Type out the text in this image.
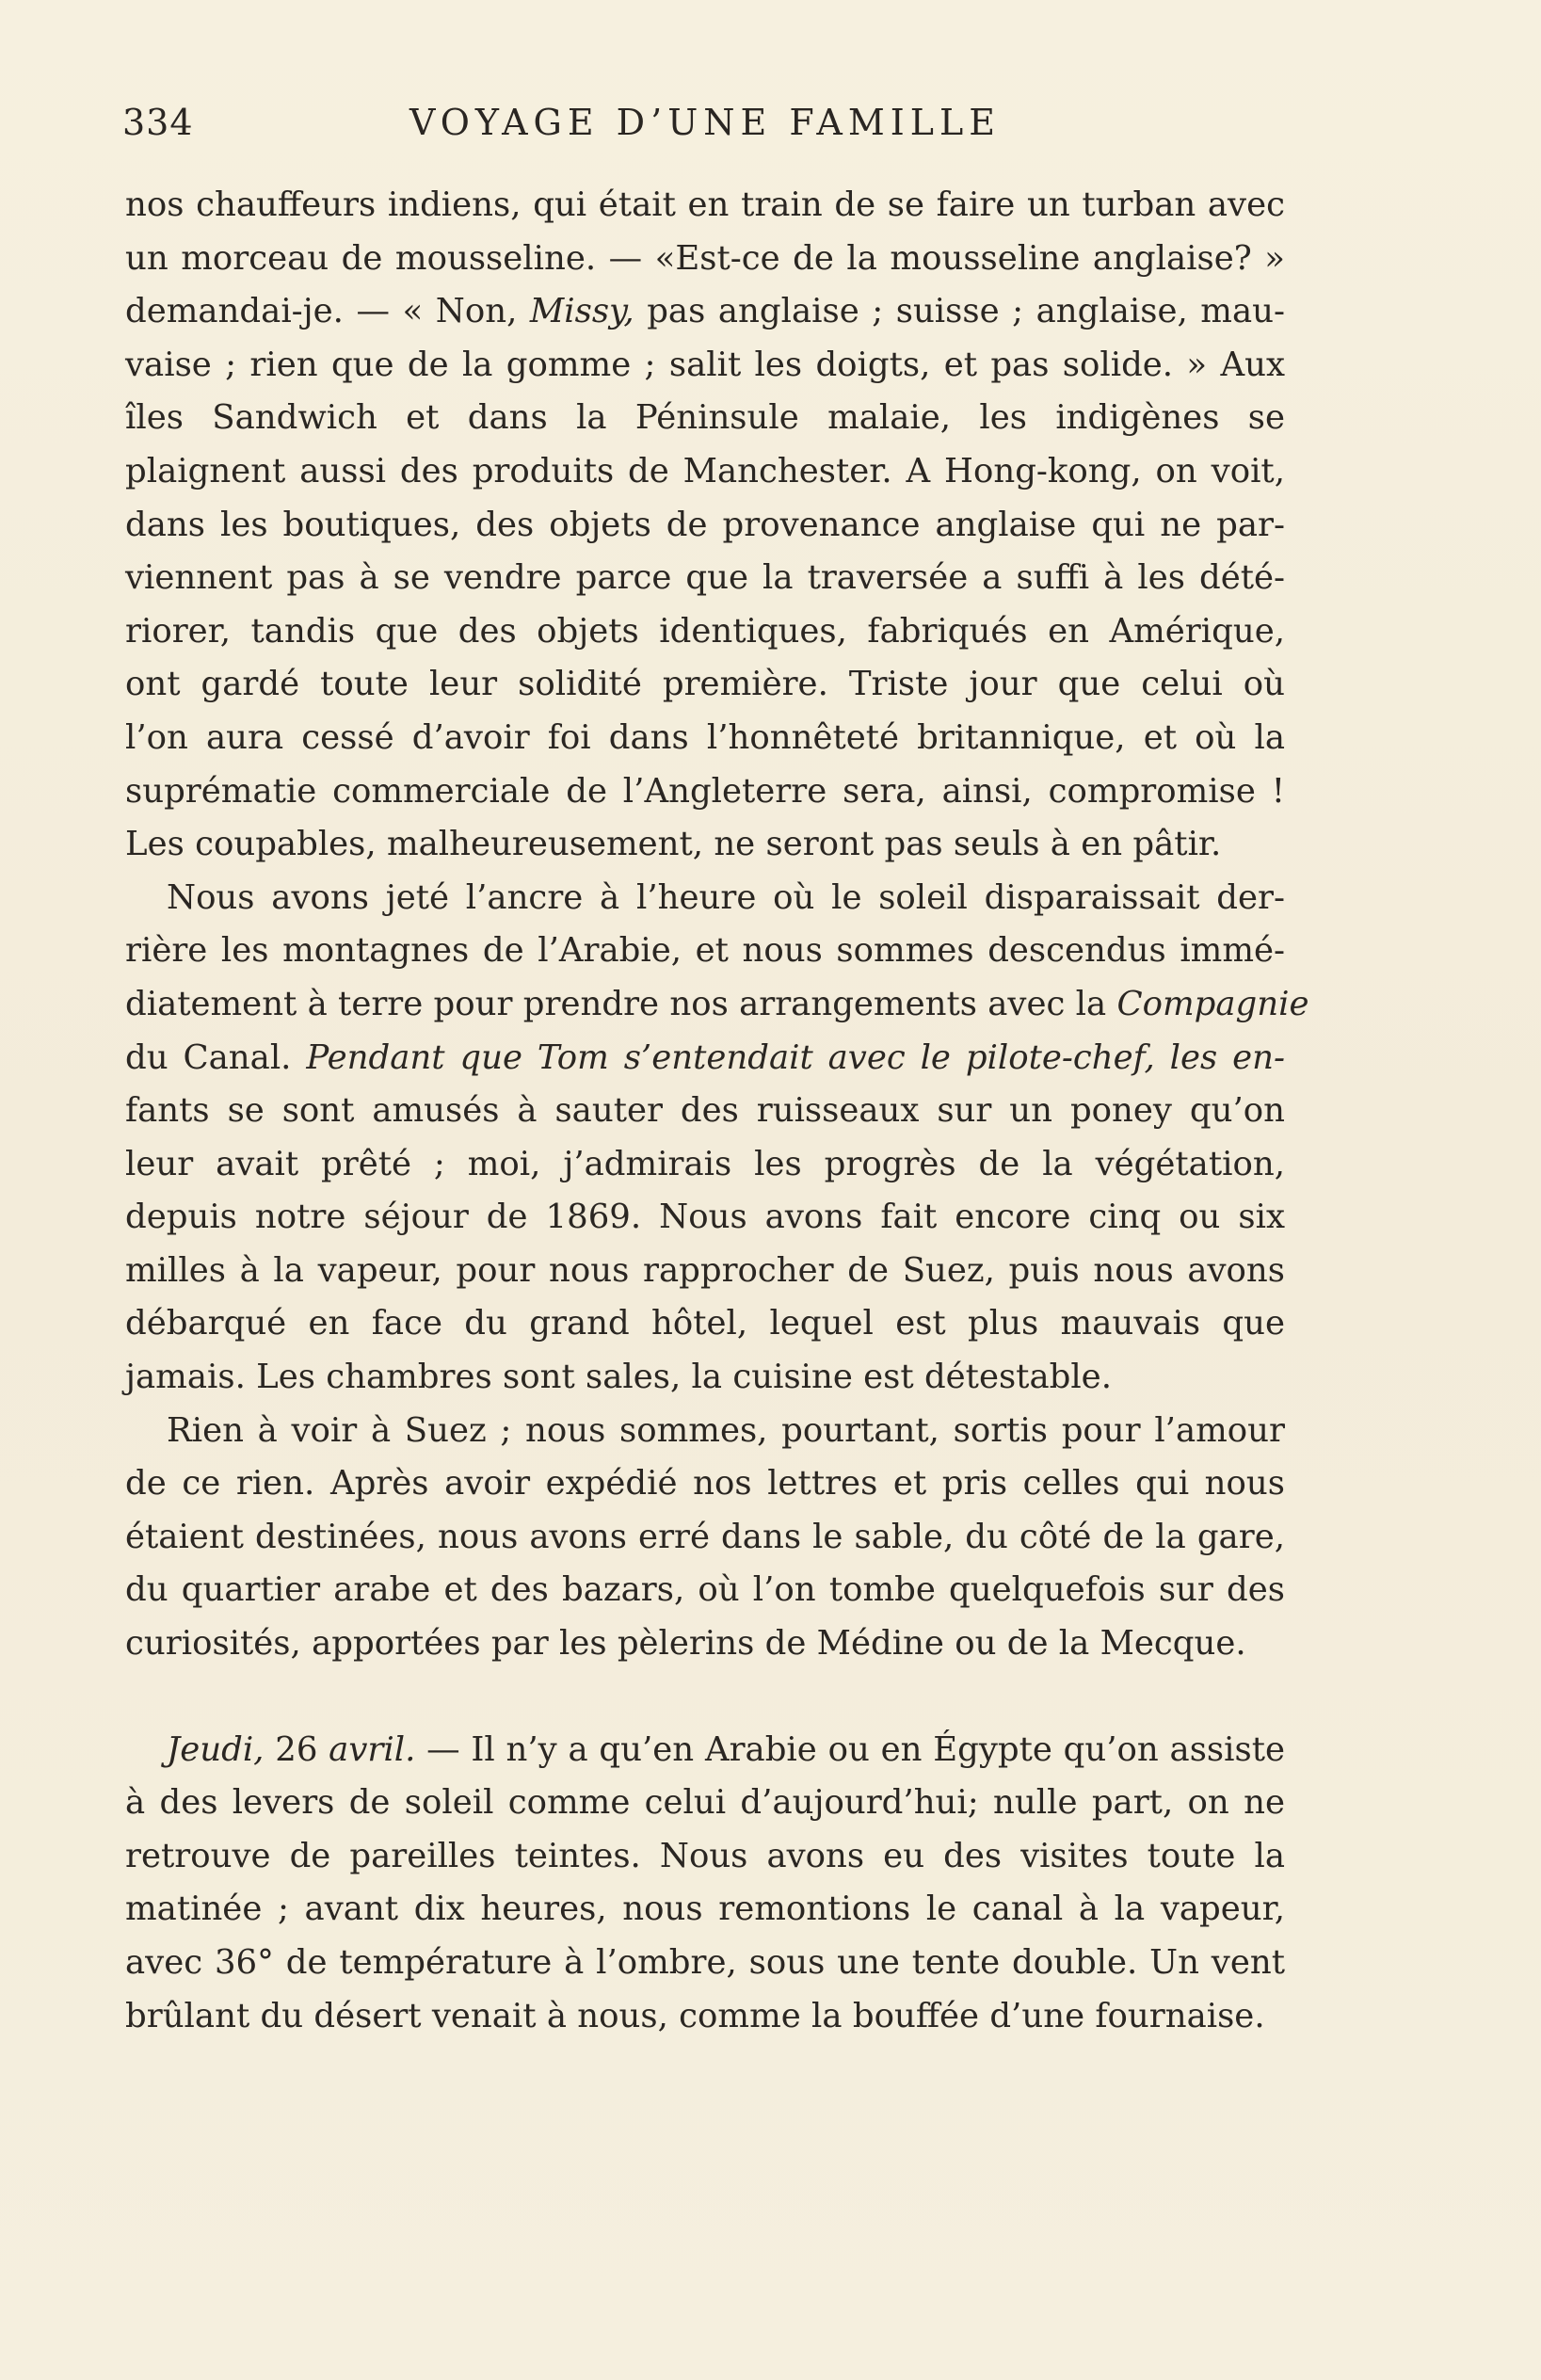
334	VOYAGE D’UNE FAMILLE
nos chauffeurs indiens, qui était en train de se faire un turban avec
un morceau de mousseline. — «Est-ce de la mousseline anglaise? »
demandai-je. — « Non, Missy, pas anglaise ; suisse ; anglaise, mau-
vaise ; rien que de la gomme ; salit les doigts, et pas solide. » Aux
îles Sandwich et dans la Péninsule malaie, les indigènes se
plaignent aussi des produits de Manchester. A Hong-kong, on voit,
dans les boutiques, des objets de provenance anglaise qui ne par-
viennent pas à se vendre parce que la traversée a suffi à les dété-
riorer, tandis que des objets identiques, fabriqués en Amérique,
ont gardé toute leur solidité première. Triste jour que celui où
l’on aura cessé d’avoir foi dans l’honnêteté britannique, et où la
suprématie commerciale de l’Angleterre sera, ainsi, compromise !
Les coupables, malheureusement, ne seront pas seuls à en pâtir.
Nous avons jeté l’ancre à l’heure où le soleil disparaissait der-
rière les montagnes de l’Arabie, et nous sommes descendus immé-
diatement à terre pour prendre nos arrangements avec la Compagnie
du Canal. Pendant que Tom s’entendait avec le pilote-chef, les en-
fants se sont amusés à sauter des ruisseaux sur un poney qu’on
leur avait prêté ; moi, j’admirais les progrès de la végétation,
depuis notre séjour de 1869. Nous avons fait encore cinq ou six
milles à la vapeur, pour nous rapprocher de Suez, puis nous avons
débarqué en face du grand hôtel, lequel est plus mauvais que
jamais. Les chambres sont sales, la cuisine est détestable.
Rien à voir à Suez ; nous sommes, pourtant, sortis pour l’amour
de ce rien. Après avoir expédié nos lettres et pris celles qui nous
étaient destinées, nous avons erré dans le sable, du côté de la gare,
du quartier arabe et des bazars, où l’on tombe quelquefois sur des
curiosités, apportées par les pèlerins de Médine ou de la Mecque.
Jeudi, 26 avril. — Il n’y a qu’en Arabie ou en Égypte qu’on assiste
à des levers de soleil comme celui d’aujourd’hui; nulle part, on ne
retrouve de pareilles teintes. Nous avons eu des visites toute la
matinée ; avant dix heures, nous remontions le canal à la vapeur,
avec 36° de température à l’ombre, sous une tente double. Un vent
brûlant du désert venait à nous, comme la bouffée d’une fournaise.
